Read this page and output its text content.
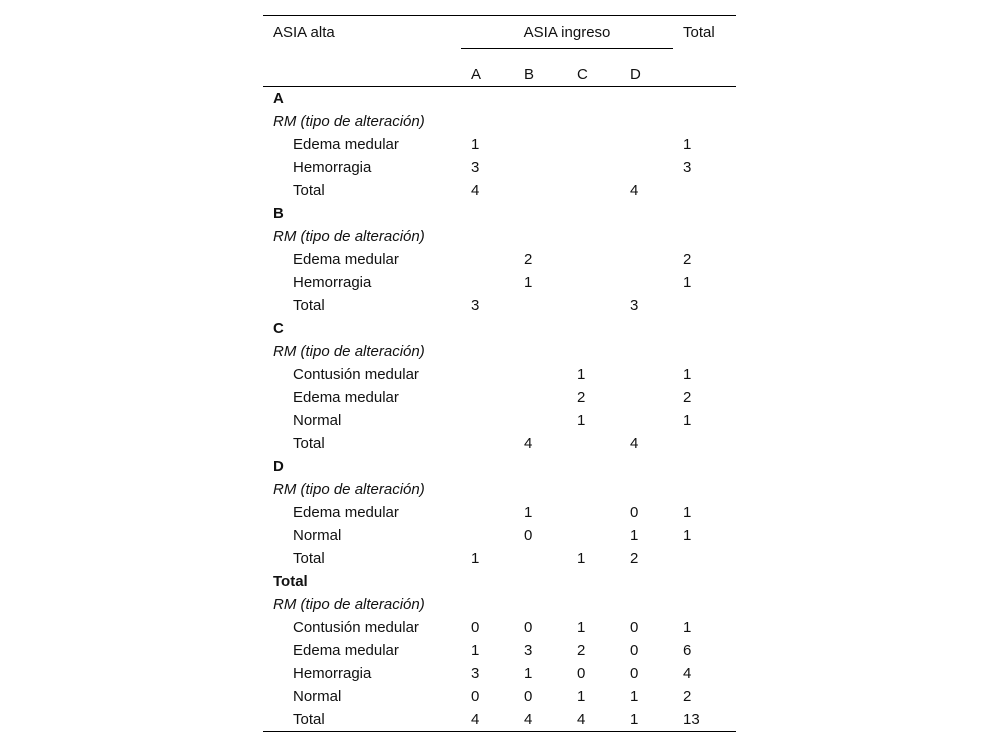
ASIA alta	ASIA ingreso				Total
	A	B	C	D	
A					
RM (tipo de alteración)					
Edema medular	1				1
Hemorragia	3				3
Total	4			4	
B					
RM (tipo de alteración)					
Edema medular		2			2
Hemorragia		1			1
Total	3			3	
C					
RM (tipo de alteración)					
Contusión medular			1		1
Edema medular			2		2
Normal			1		1
Total		4		4	
D					
RM (tipo de alteración)					
Edema medular		1		0	1
Normal		0		1	1
Total	1		1	2	
Total					
RM (tipo de alteración)					
Contusión medular	0	0	1	0	1
Edema medular	1	3	2	0	6
Hemorragia	3	1	0	0	4
Normal	0	0	1	1	2
Total	4	4	4	1	13
